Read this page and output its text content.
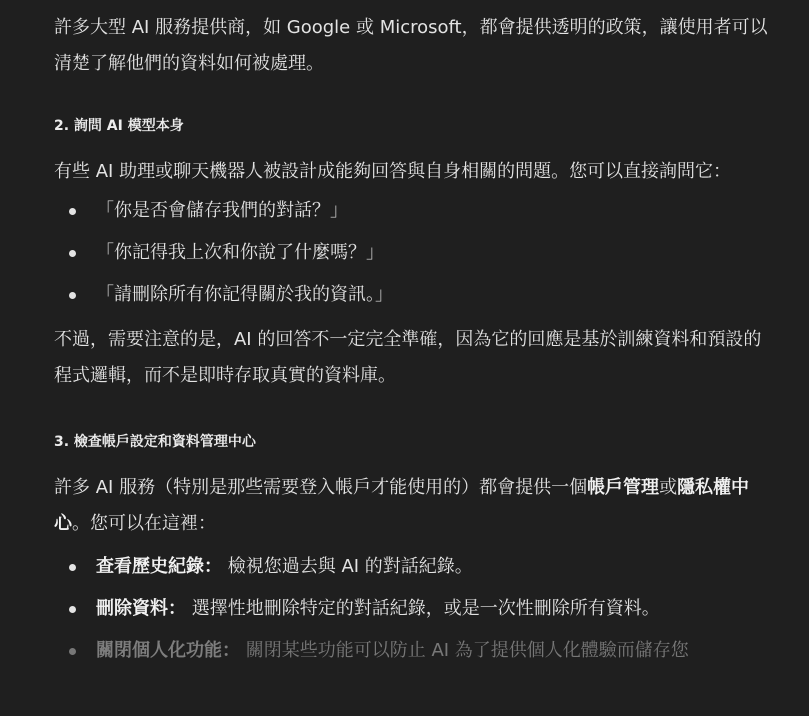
許多大型 AI 服務提供商，如 Google 或 Microsoft，都會提供透明的政策，讓使用者可以清楚了解他們的資料如何被處理。

2. 詢問 AI 模型本身

有些 AI 助理或聊天機器人被設計成能夠回答與自身相關的問題。您可以直接詢問它：

「你是否會儲存我們的對話？」
「你記得我上次和你說了什麼嗎？」
「請刪除所有你記得關於我的資訊。」

不過，需要注意的是，AI 的回答不一定完全準確，因為它的回應是基於訓練資料和預設的程式邏輯，而不是即時存取真實的資料庫。

3. 檢查帳戶設定和資料管理中心

許多 AI 服務（特別是那些需要登入帳戶才能使用的）都會提供一個帳戶管理或隱私權中心。您可以在這裡：

查看歷史紀錄： 檢視您過去與 AI 的對話紀錄。
刪除資料： 選擇性地刪除特定的對話紀錄，或是一次性刪除所有資料。
關閉個人化功能： 關閉某些功能可以防止 AI 為了提供個人化體驗而儲存您
